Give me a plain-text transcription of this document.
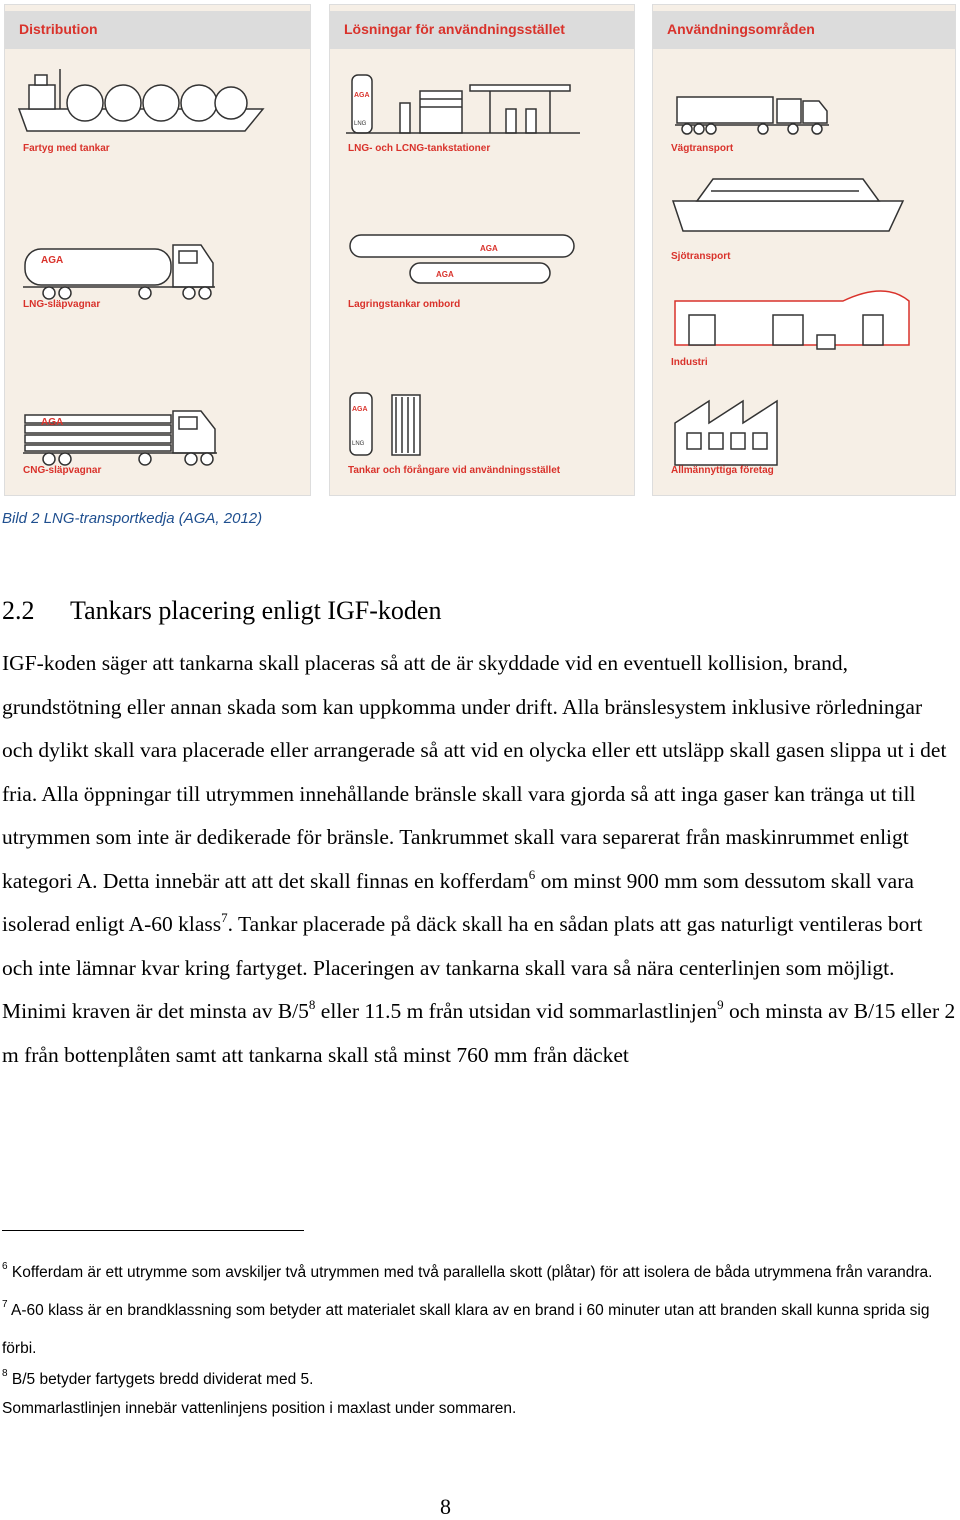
Distribution
AGA
AGA
Fartyg med tankar
LNG-släpvagnar
CNG-släpvagnar
Lösningar för användningsstället
AGA
LNG
AGA
AGA
AGA
LNG
LNG- och LCNG-tankstationer
Lagringstankar ombord
Tankar och förångare vid användningsstället
Användningsområden
Vägtransport
Sjötransport
Industri
Allmännyttiga företag
Bild 2 LNG-transportkedja (AGA, 2012)
2.2 Tankars placering enligt IGF-koden

IGF-koden säger att tankarna skall placeras så att de är skyddade vid en eventuell kollision, brand, grundstötning eller annan skada som kan uppkomma under drift. Alla bränslesystem inklusive rörledningar och dylikt skall vara placerade eller arrangerade så att vid en olycka eller ett utsläpp skall gasen slippa ut i det fria. Alla öppningar till utrymmen innehållande bränsle skall vara gjorda så att inga gaser kan tränga ut till utrymmen som inte är dedikerade för bränsle. Tankrummet skall vara separerat från maskinrummet enligt kategori A. Detta innebär att att det skall finnas en kofferdam$^6$ om minst 900 mm som dessutom skall vara isolerad enligt A-60 klass$^7$. Tankar placerade på däck skall ha en sådan plats att gas naturligt ventileras bort och inte lämnar kvar kring fartyget. Placeringen av tankarna skall vara så nära centerlinjen som möjligt. Minimi kraven är det minsta av $B/5^8$ eller 11.5 m från utsidan vid sommarlastlinjen$^9$ och minsta av B/15 eller 2 m från bottenplåten samt att tankarna skall stå minst 760 mm från däcket

$^6$ Kofferdam är ett utrymme som avskiljer två utrymmen med två parallella skott (plåtar) för att isolera de båda utrymmena från varandra.

$^7$ A-60 klass är en brandklassning som betyder att materialet skall klara av en brand i 60 minuter utan att branden skall kunna sprida sig förbi.

$^8$ B/5 betyder fartygets bredd dividerat med 5.

Sommarlastlinjen innebär vattenlinjens position i maxlast under sommaren.

8
